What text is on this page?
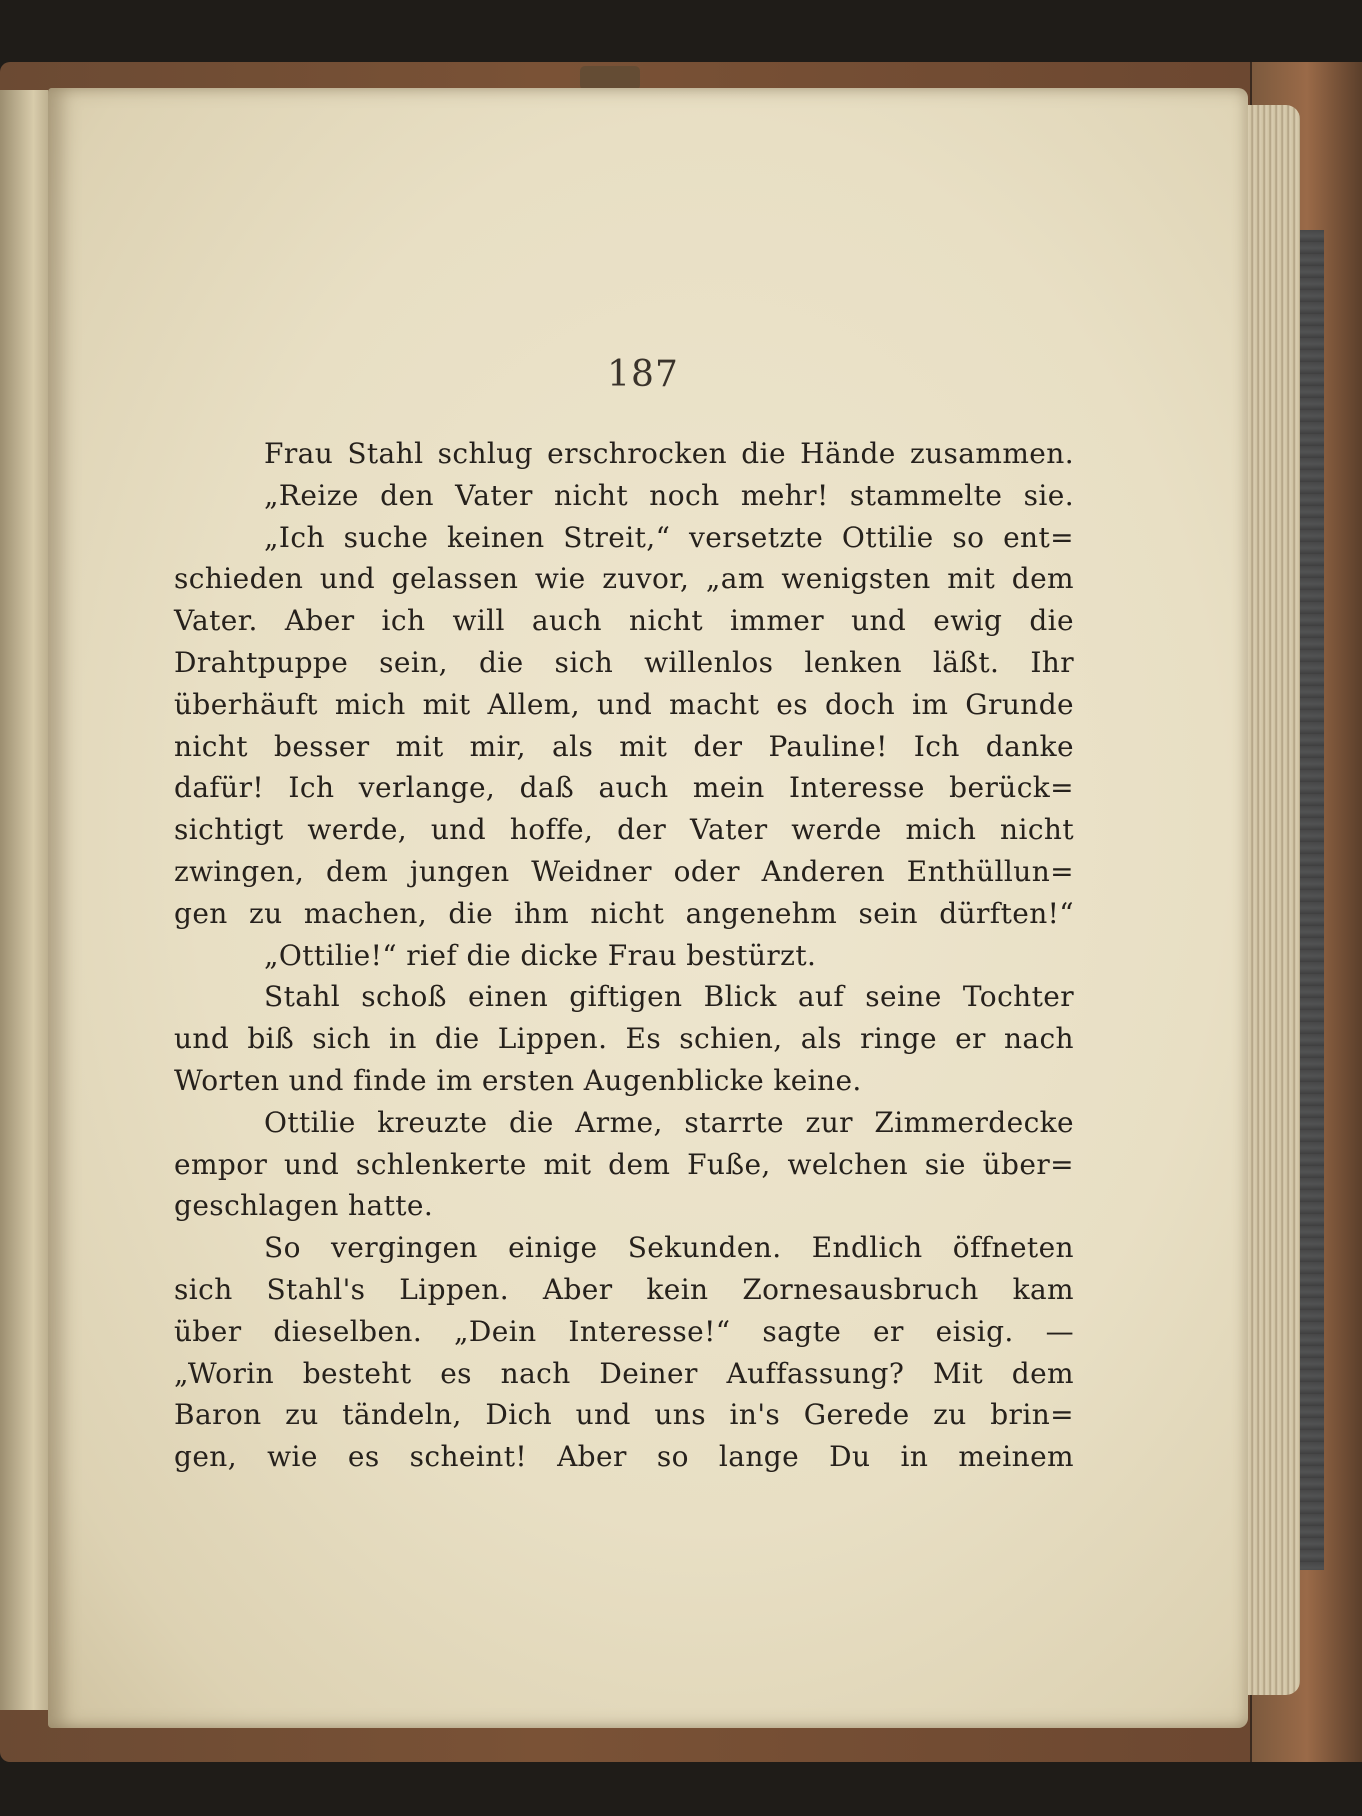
187
Frau Stahl schlug erschrocken die Hände zusammen.
„Reize den Vater nicht noch mehr! stammelte sie.
„Ich suche keinen Streit,“ versetzte Ottilie so ent=
schieden und gelassen wie zuvor, „am wenigsten mit dem
Vater. Aber ich will auch nicht immer und ewig die
Drahtpuppe sein, die sich willenlos lenken läßt. Ihr
überhäuft mich mit Allem, und macht es doch im Grunde
nicht besser mit mir, als mit der Pauline! Ich danke
dafür! Ich verlange, daß auch mein Interesse berück=
sichtigt werde, und hoffe, der Vater werde mich nicht
zwingen, dem jungen Weidner oder Anderen Enthüllun=
gen zu machen, die ihm nicht angenehm sein dürften!“
„Ottilie!“ rief die dicke Frau bestürzt.
Stahl schoß einen giftigen Blick auf seine Tochter
und biß sich in die Lippen. Es schien, als ringe er nach
Worten und finde im ersten Augenblicke keine.
Ottilie kreuzte die Arme, starrte zur Zimmerdecke
empor und schlenkerte mit dem Fuße, welchen sie über=
geschlagen hatte.
So vergingen einige Sekunden. Endlich öffneten
sich Stahl's Lippen. Aber kein Zornesausbruch kam
über dieselben. „Dein Interesse!“ sagte er eisig. —
„Worin besteht es nach Deiner Auffassung? Mit dem
Baron zu tändeln, Dich und uns in's Gerede zu brin=
gen, wie es scheint! Aber so lange Du in meinem
